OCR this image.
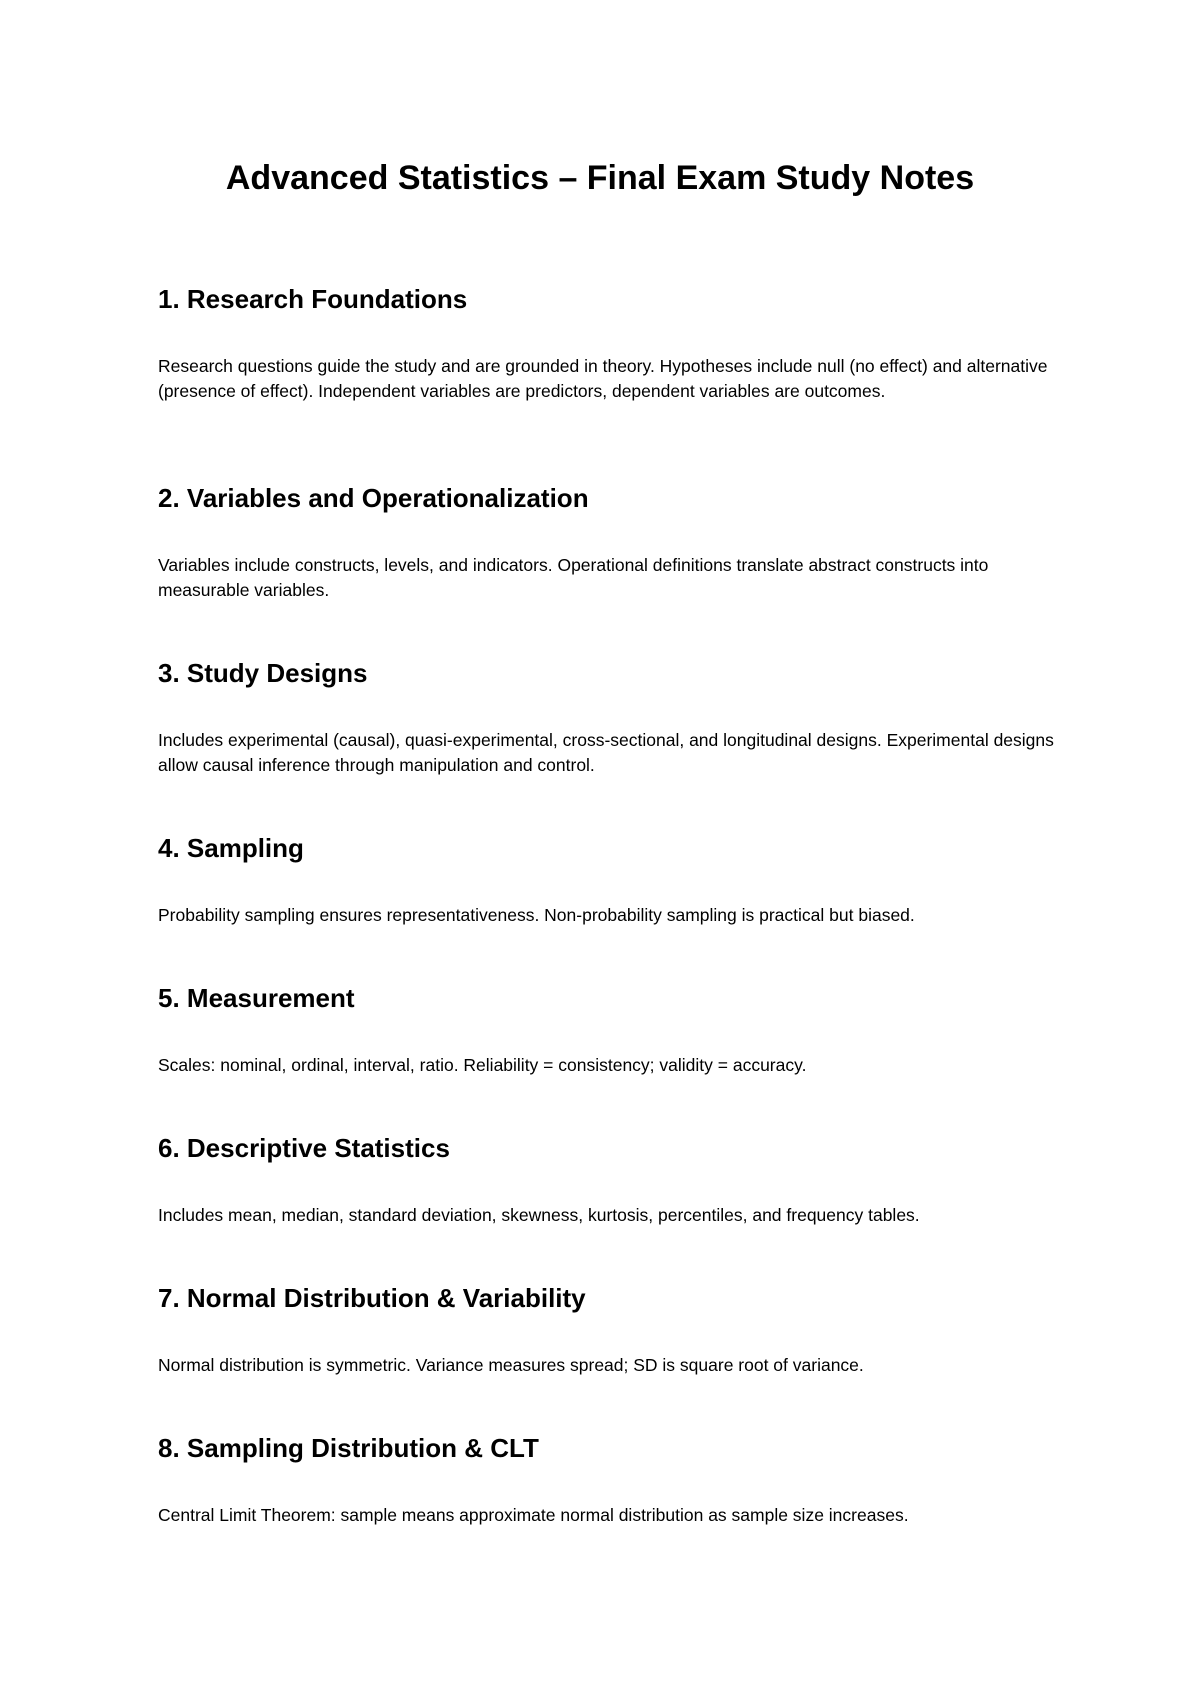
Advanced Statistics – Final Exam Study Notes
1. Research Foundations

Research questions guide the study and are grounded in theory. Hypotheses include null (no effect) and alternative (presence of effect). Independent variables are predictors, dependent variables are outcomes.

2. Variables and Operationalization

Variables include constructs, levels, and indicators. Operational definitions translate abstract constructs into measurable variables.

3. Study Designs

Includes experimental (causal), quasi-experimental, cross-sectional, and longitudinal designs. Experimental designs allow causal inference through manipulation and control.

4. Sampling

Probability sampling ensures representativeness. Non-probability sampling is practical but biased.

5. Measurement

Scales: nominal, ordinal, interval, ratio. Reliability = consistency; validity = accuracy.

6. Descriptive Statistics

Includes mean, median, standard deviation, skewness, kurtosis, percentiles, and frequency tables.

7. Normal Distribution & Variability

Normal distribution is symmetric. Variance measures spread; SD is square root of variance.

8. Sampling Distribution & CLT

Central Limit Theorem: sample means approximate normal distribution as sample size increases.
